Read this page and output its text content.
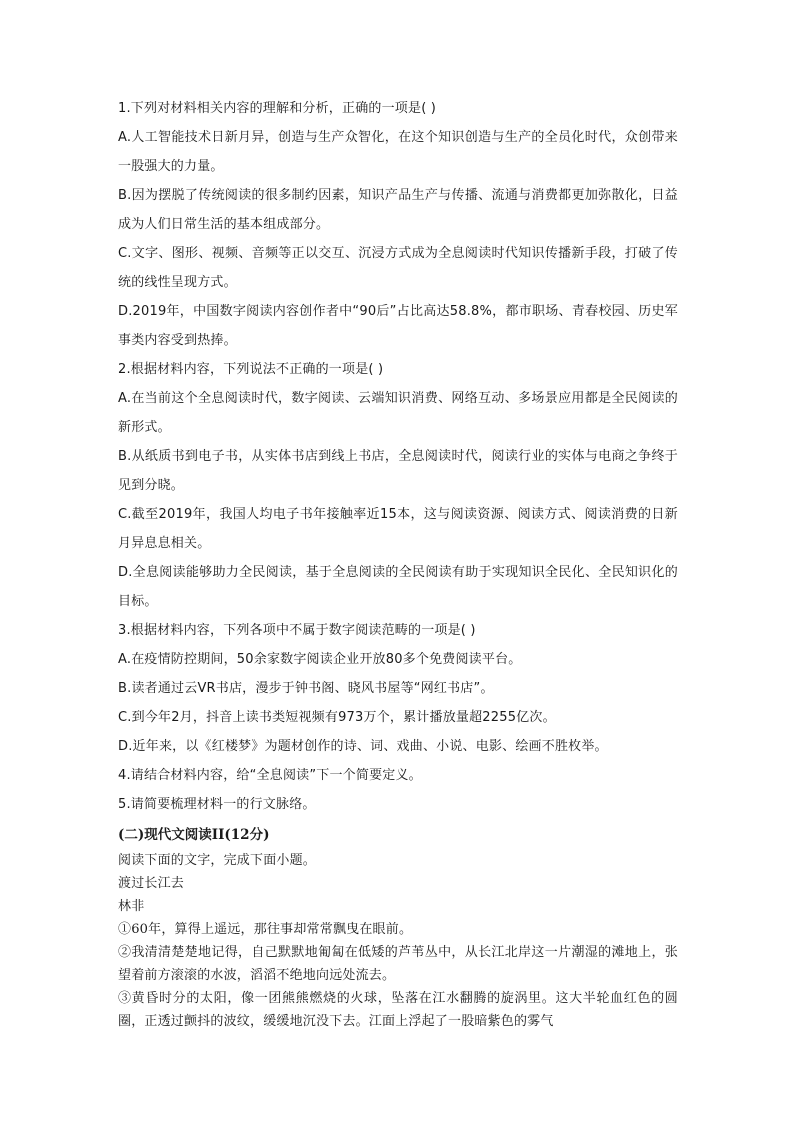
1.下列对材料相关内容的理解和分析，正确的一项是( )

A.人工智能技术日新月异，创造与生产众智化，在这个知识创造与生产的全员化时代，众创带来一股强大的力量。

B.因为摆脱了传统阅读的很多制约因素，知识产品生产与传播、流通与消费都更加弥散化，日益成为人们日常生活的基本组成部分。

C.文字、图形、视频、音频等正以交互、沉浸方式成为全息阅读时代知识传播新手段，打破了传统的线性呈现方式。

D.2019年，中国数字阅读内容创作者中“90后”占比高达58.8%，都市职场、青春校园、历史军事类内容受到热捧。

2.根据材料内容，下列说法不正确的一项是( )

A.在当前这个全息阅读时代，数字阅读、云端知识消费、网络互动、多场景应用都是全民阅读的新形式。

B.从纸质书到电子书，从实体书店到线上书店，全息阅读时代，阅读行业的实体与电商之争终于见到分晓。

C.截至2019年，我国人均电子书年接触率近15本，这与阅读资源、阅读方式、阅读消费的日新月异息息相关。

D.全息阅读能够助力全民阅读，基于全息阅读的全民阅读有助于实现知识全民化、全民知识化的目标。

3.根据材料内容，下列各项中不属于数字阅读范畴的一项是( )

A.在疫情防控期间，50余家数字阅读企业开放80多个免费阅读平台。

B.读者通过云VR书店，漫步于钟书阁、晓风书屋等“网红书店”。

C.到今年2月，抖音上读书类短视频有973万个，累计播放量超2255亿次。

D.近年来，以《红楼梦》为题材创作的诗、词、戏曲、小说、电影、绘画不胜枚举。

4.请结合材料内容，给“全息阅读”下一个简要定义。

5.请简要梳理材料一的行文脉络。

(二)现代文阅读II(12分)

阅读下面的文字，完成下面小题。

渡过长江去

林非

①60年，算得上遥远，那往事却常常飘曳在眼前。

②我清清楚楚地记得，自己默默地匍匐在低矮的芦苇丛中，从长江北岸这一片潮湿的滩地上，张望着前方滚滚的水波，滔滔不绝地向远处流去。

③黄昏时分的太阳，像一团熊熊燃烧的火球，坠落在江水翻腾的旋涡里。这大半轮血红色的圆圈，正透过颤抖的波纹，缓缓地沉没下去。江面上浮起了一股暗紫色的雾气
